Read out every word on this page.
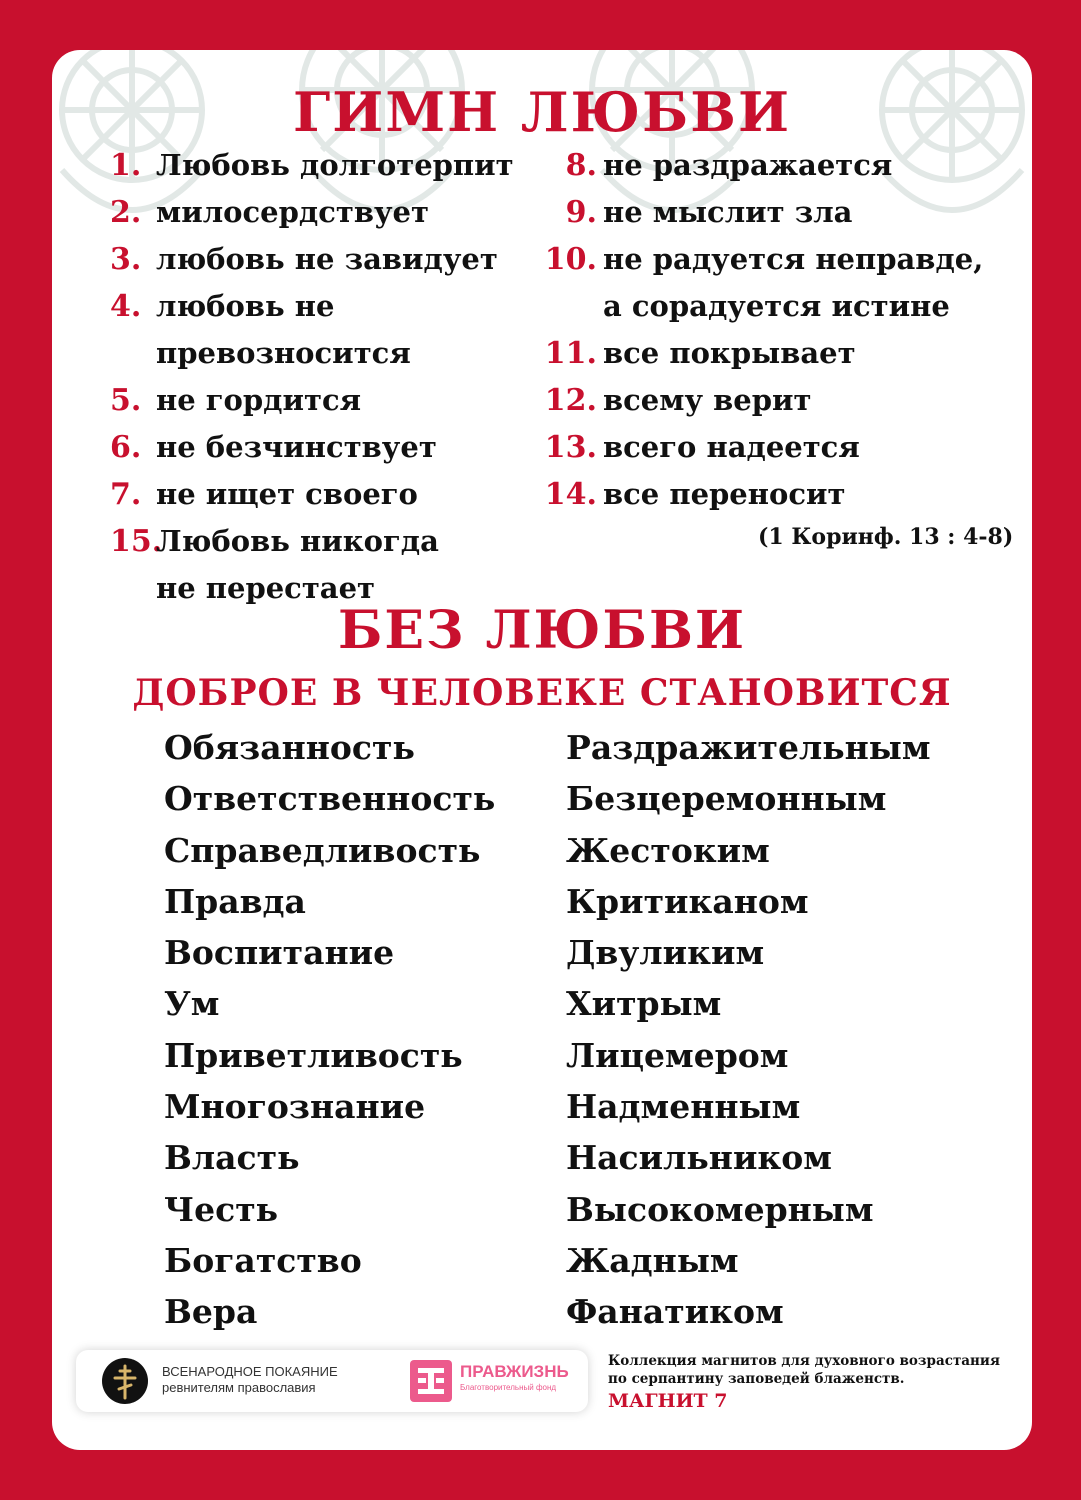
ГИМН ЛЮБВИ
1. Любовь долготерпит
2. милосердствует
3. любовь не завидует
4. любовь не превозносится
5. не гордится
6. не безчинствует
7. не ищет своего
15.
Любовь никогда не перестает
8. не раздражается
9. не мыслит зла
10. не радуется неправде, а сорадуется истине
11. все покрывает
12. всему верит
13. всего надеется
14. все переносит
(1 Коринф. 13 : 4-8)
БЕЗ ЛЮБВИ
ДОБРОЕ В ЧЕЛОВЕКЕ СТАНОВИТСЯ
Обязанность
Ответственность
Справедливость
Правда
Воспитание
Ум
Приветливость
Многознание
Власть
Честь
Богатство
Вера
Раздражительным
Безцеремонным
Жестоким
Критиканом
Двуликим
Хитрым
Лицемером
Надменным
Насильником
Высокомерным
Жадным
Фанатиком
ВСЕНАРОДНОЕ ПОКАЯНИЕ
ревнителям православия
ПРАВЖИЗНЬ
Благотворительный фонд
Коллекция магнитов для духовного возрастания
по серпантину заповедей блаженств.
МАГНИТ 7
